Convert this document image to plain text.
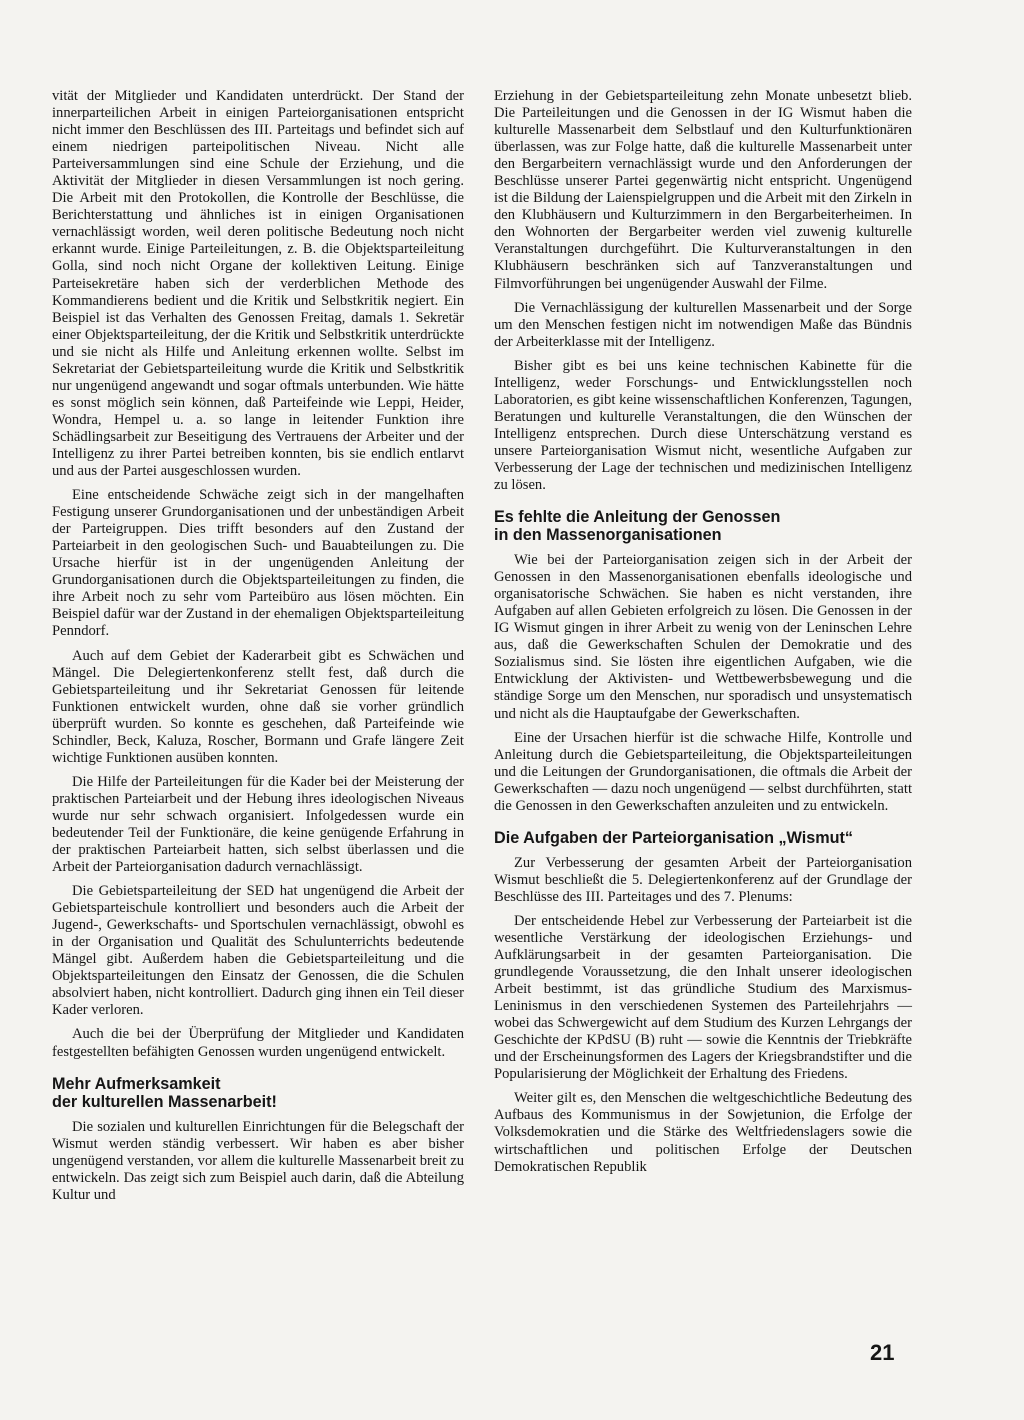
vität der Mitglieder und Kandidaten unterdrückt. Der Stand der innerparteilichen Arbeit in einigen Parteiorganisationen entspricht nicht immer den Beschlüssen des III. Parteitags und befindet sich auf einem niedrigen parteipolitischen Niveau. Nicht alle Parteiversammlungen sind eine Schule der Erziehung, und die Aktivität der Mitglieder in diesen Versammlungen ist noch gering. Die Arbeit mit den Protokollen, die Kontrolle der Beschlüsse, die Berichterstattung und ähnliches ist in einigen Organisationen vernachlässigt worden, weil deren politische Bedeutung noch nicht erkannt wurde. Einige Parteileitungen, z. B. die Objektsparteileitung Golla, sind noch nicht Organe der kollektiven Leitung. Einige Parteisekretäre haben sich der verderblichen Methode des Kommandierens bedient und die Kritik und Selbstkritik negiert. Ein Beispiel ist das Verhalten des Genossen Freitag, damals 1. Sekretär einer Objektsparteileitung, der die Kritik und Selbstkritik unterdrückte und sie nicht als Hilfe und Anleitung erkennen wollte. Selbst im Sekretariat der Gebietsparteileitung wurde die Kritik und Selbstkritik nur ungenügend angewandt und sogar oftmals unterbunden. Wie hätte es sonst möglich sein können, daß Parteifeinde wie Leppi, Heider, Wondra, Hempel u. a. so lange in leitender Funktion ihre Schädlingsarbeit zur Beseitigung des Vertrauens der Arbeiter und der Intelligenz zu ihrer Partei betreiben konnten, bis sie endlich entlarvt und aus der Partei ausgeschlossen wurden.

Eine entscheidende Schwäche zeigt sich in der mangelhaften Festigung unserer Grundorganisationen und der unbeständigen Arbeit der Parteigruppen. Dies trifft besonders auf den Zustand der Parteiarbeit in den geologischen Such- und Bauabteilungen zu. Die Ursache hierfür ist in der ungenügenden Anleitung der Grundorganisationen durch die Objektsparteileitungen zu finden, die ihre Arbeit noch zu sehr vom Parteibüro aus lösen möchten. Ein Beispiel dafür war der Zustand in der ehemaligen Objektsparteileitung Penndorf.

Auch auf dem Gebiet der Kaderarbeit gibt es Schwächen und Mängel. Die Delegiertenkonferenz stellt fest, daß durch die Gebietsparteileitung und ihr Sekretariat Genossen für leitende Funktionen entwickelt wurden, ohne daß sie vorher gründlich überprüft wurden. So konnte es geschehen, daß Parteifeinde wie Schindler, Beck, Kaluza, Roscher, Bormann und Grafe längere Zeit wichtige Funktionen ausüben konnten.

Die Hilfe der Parteileitungen für die Kader bei der Meisterung der praktischen Parteiarbeit und der Hebung ihres ideologischen Niveaus wurde nur sehr schwach organisiert. Infolgedessen wurde ein bedeutender Teil der Funktionäre, die keine genügende Erfahrung in der praktischen Parteiarbeit hatten, sich selbst überlassen und die Arbeit der Parteiorganisation dadurch vernachlässigt.

Die Gebietsparteileitung der SED hat ungenügend die Arbeit der Gebietsparteischule kontrolliert und besonders auch die Arbeit der Jugend-, Gewerkschafts- und Sportschulen vernachlässigt, obwohl es in der Organisation und Qualität des Schulunterrichts bedeutende Mängel gibt. Außerdem haben die Gebietsparteileitung und die Objektsparteileitungen den Einsatz der Genossen, die die Schulen absolviert haben, nicht kontrolliert. Dadurch ging ihnen ein Teil dieser Kader verloren.

Auch die bei der Überprüfung der Mitglieder und Kandidaten festgestellten befähigten Genossen wurden ungenügend entwickelt.

Mehr Aufmerksamkeit
der kulturellen Massenarbeit!

Die sozialen und kulturellen Einrichtungen für die Belegschaft der Wismut werden ständig verbessert. Wir haben es aber bisher ungenügend verstanden, vor allem die kulturelle Massenarbeit breit zu entwickeln. Das zeigt sich zum Beispiel auch darin, daß die Abteilung Kultur und

Erziehung in der Gebietsparteileitung zehn Monate unbesetzt blieb. Die Parteileitungen und die Genossen in der IG Wismut haben die kulturelle Massenarbeit dem Selbstlauf und den Kulturfunktionären überlassen, was zur Folge hatte, daß die kulturelle Massenarbeit unter den Bergarbeitern vernachlässigt wurde und den Anforderungen der Beschlüsse unserer Partei gegenwärtig nicht entspricht. Ungenügend ist die Bildung der Laienspielgruppen und die Arbeit mit den Zirkeln in den Klubhäusern und Kulturzimmern in den Bergarbeiterheimen. In den Wohnorten der Bergarbeiter werden viel zuwenig kulturelle Veranstaltungen durchgeführt. Die Kulturveranstaltungen in den Klubhäusern beschränken sich auf Tanzveranstaltungen und Filmvorführungen bei ungenügender Auswahl der Filme.

Die Vernachlässigung der kulturellen Massenarbeit und der Sorge um den Menschen festigen nicht im notwendigen Maße das Bündnis der Arbeiterklasse mit der Intelligenz.

Bisher gibt es bei uns keine technischen Kabinette für die Intelligenz, weder Forschungs- und Entwicklungsstellen noch Laboratorien, es gibt keine wissenschaftlichen Konferenzen, Tagungen, Beratungen und kulturelle Veranstaltungen, die den Wünschen der Intelligenz entsprechen. Durch diese Unterschätzung verstand es unsere Parteiorganisation Wismut nicht, wesentliche Aufgaben zur Verbesserung der Lage der technischen und medizinischen Intelligenz zu lösen.

Es fehlte die Anleitung der Genossen
in den Massenorganisationen

Wie bei der Parteiorganisation zeigen sich in der Arbeit der Genossen in den Massenorganisationen ebenfalls ideologische und organisatorische Schwächen. Sie haben es nicht verstanden, ihre Aufgaben auf allen Gebieten erfolgreich zu lösen. Die Genossen in der IG Wismut gingen in ihrer Arbeit zu wenig von der Leninschen Lehre aus, daß die Gewerkschaften Schulen der Demokratie und des Sozialismus sind. Sie lösten ihre eigentlichen Aufgaben, wie die Entwicklung der Aktivisten- und Wettbewerbsbewegung und die ständige Sorge um den Menschen, nur sporadisch und unsystematisch und nicht als die Hauptaufgabe der Gewerkschaften.

Eine der Ursachen hierfür ist die schwache Hilfe, Kontrolle und Anleitung durch die Gebietsparteileitung, die Objektsparteileitungen und die Leitungen der Grundorganisationen, die oftmals die Arbeit der Gewerkschaften — dazu noch ungenügend — selbst durchführten, statt die Genossen in den Gewerkschaften anzuleiten und zu entwickeln.

Die Aufgaben der Parteiorganisation „Wismut“

Zur Verbesserung der gesamten Arbeit der Parteiorganisation Wismut beschließt die 5. Delegiertenkonferenz auf der Grundlage der Beschlüsse des III. Parteitages und des 7. Plenums:

Der entscheidende Hebel zur Verbesserung der Parteiarbeit ist die wesentliche Verstärkung der ideologischen Erziehungs- und Aufklärungsarbeit in der gesamten Parteiorganisation. Die grundlegende Voraussetzung, die den Inhalt unserer ideologischen Arbeit bestimmt, ist das gründliche Studium des Marxismus-Leninismus in den verschiedenen Systemen des Parteilehrjahrs — wobei das Schwergewicht auf dem Studium des Kurzen Lehrgangs der Geschichte der KPdSU (B) ruht — sowie die Kenntnis der Triebkräfte und der Erscheinungsformen des Lagers der Kriegsbrandstifter und die Popularisierung der Möglichkeit der Erhaltung des Friedens.

Weiter gilt es, den Menschen die weltgeschichtliche Bedeutung des Aufbaus des Kommunismus in der Sowjetunion, die Erfolge der Volksdemokratien und die Stärke des Weltfriedenslagers sowie die wirtschaftlichen und politischen Erfolge der Deutschen Demokratischen Republik

21
